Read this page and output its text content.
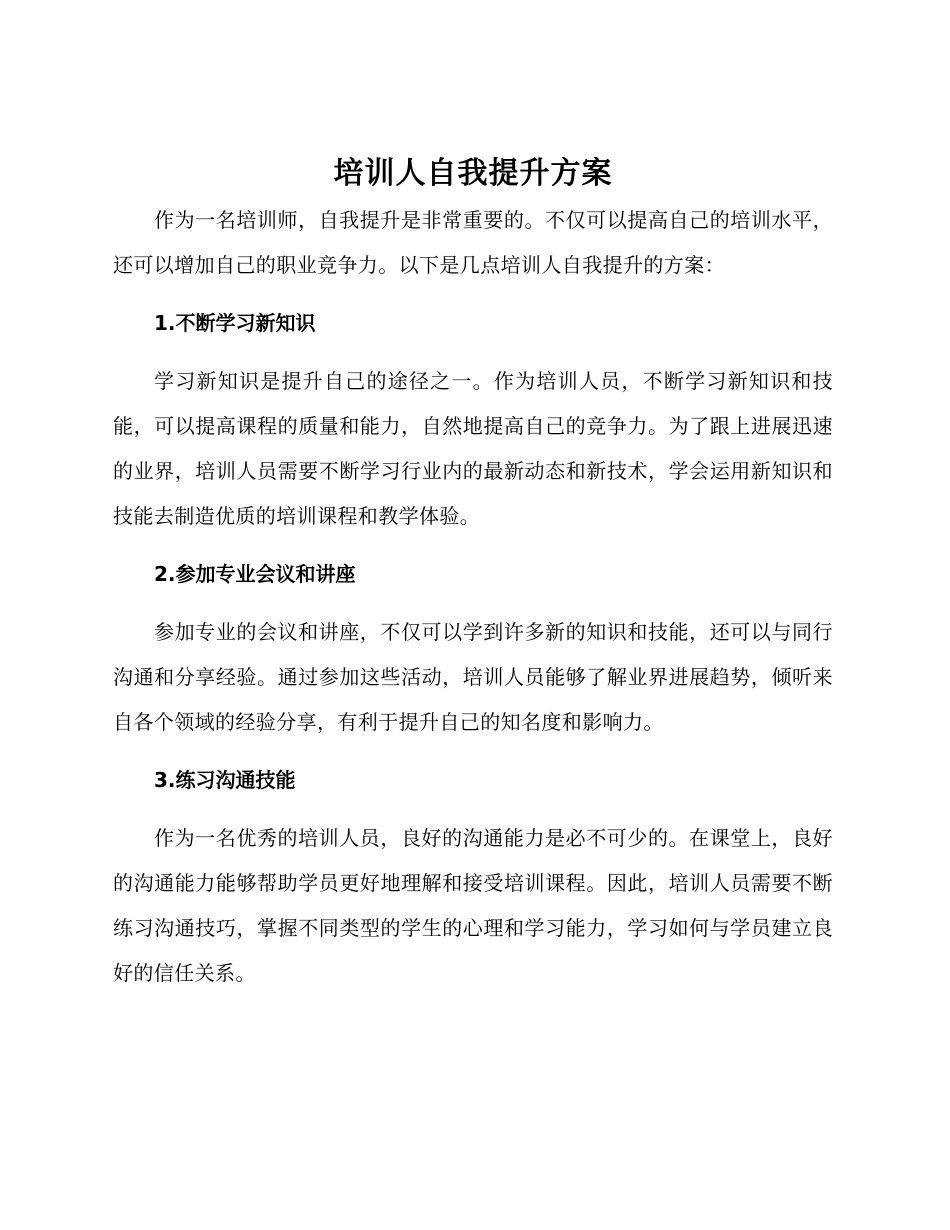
培训人自我提升方案

作为一名培训师，自我提升是非常重要的。不仅可以提高自己的培训水平，还可以增加自己的职业竞争力。以下是几点培训人自我提升的方案：

1.不断学习新知识

学习新知识是提升自己的途径之一。作为培训人员，不断学习新知识和技能，可以提高课程的质量和能力，自然地提高自己的竞争力。为了跟上进展迅速的业界，培训人员需要不断学习行业内的最新动态和新技术，学会运用新知识和技能去制造优质的培训课程和教学体验。

2.参加专业会议和讲座

参加专业的会议和讲座，不仅可以学到许多新的知识和技能，还可以与同行沟通和分享经验。通过参加这些活动，培训人员能够了解业界进展趋势，倾听来自各个领域的经验分享，有利于提升自己的知名度和影响力。

3.练习沟通技能

作为一名优秀的培训人员，良好的沟通能力是必不可少的。在课堂上，良好的沟通能力能够帮助学员更好地理解和接受培训课程。因此，培训人员需要不断练习沟通技巧，掌握不同类型的学生的心理和学习能力，学习如何与学员建立良好的信任关系。
